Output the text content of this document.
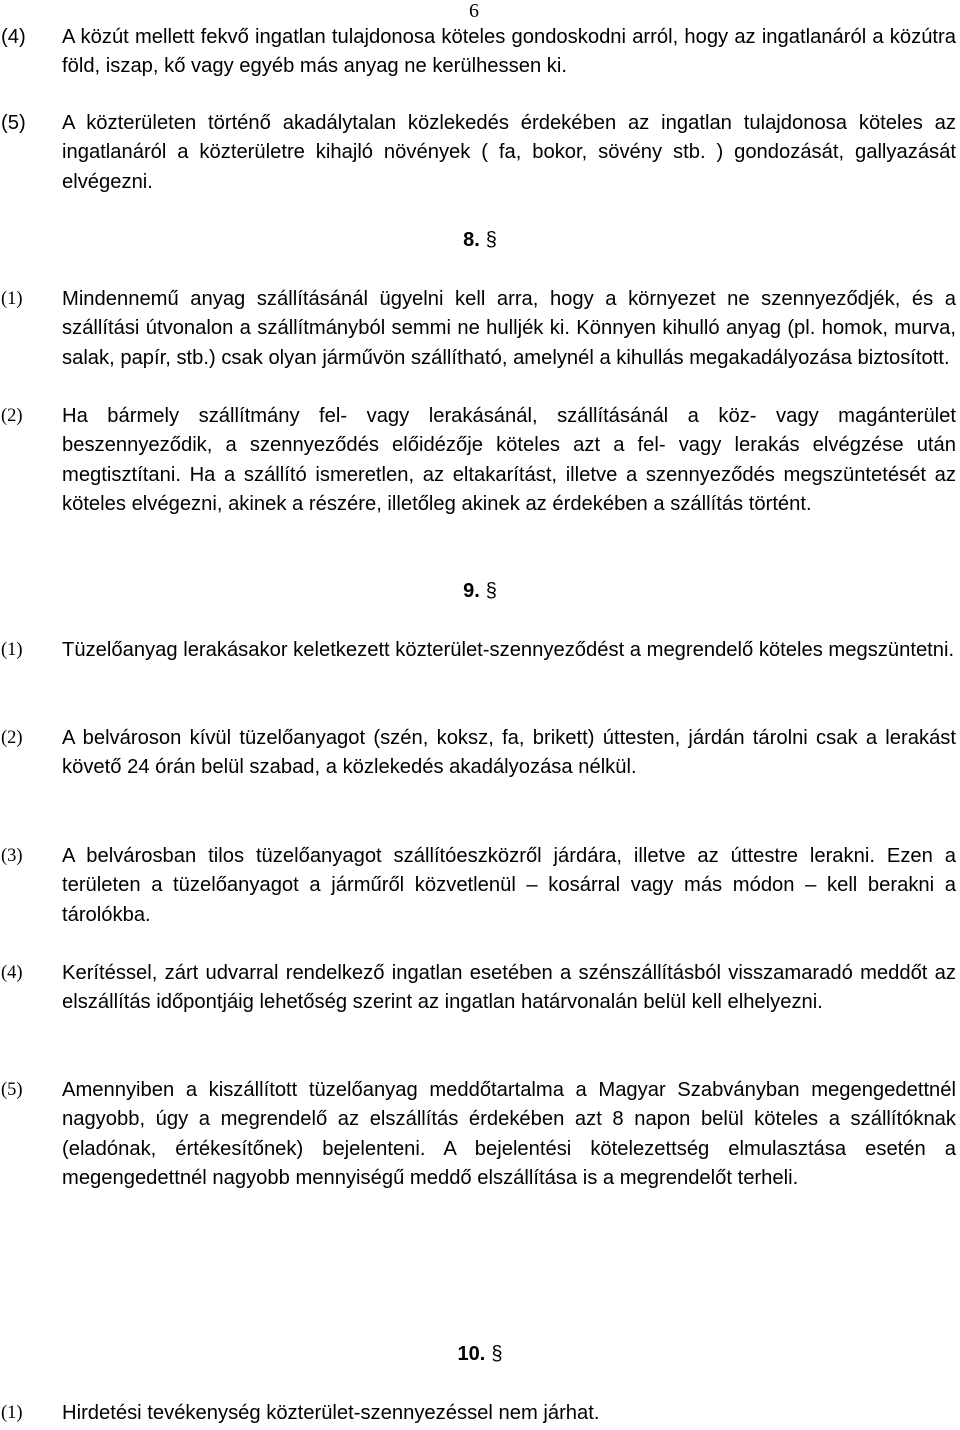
6
(4)	A közút mellett fekvő ingatlan tulajdonosa köteles gondoskodni arról, hogy az ingatlanáról a közútra föld, iszap, kő vagy egyéb más anyag ne kerülhessen ki.
(5)	A közterületen történő akadálytalan közlekedés érdekében az ingatlan tulajdonosa köteles az ingatlanáról a közterületre kihajló növények ( fa, bokor, sövény stb. ) gondozását, gallyazását elvégezni.
8. §
(1)	Mindennemű anyag szállításánál ügyelni kell arra, hogy a környezet ne szennyeződjék, és a szállítási útvonalon a szállítmányból semmi ne hulljék ki. Könnyen kihulló anyag (pl. homok, murva, salak, papír, stb.) csak olyan járművön szállítható, amelynél a kihullás megakadályozása biztosított.
(2)	Ha bármely szállítmány fel- vagy lerakásánál, szállításánál a köz- vagy magánterület beszennyeződik, a szennyeződés előidézője köteles azt a fel- vagy lerakás elvégzése után megtisztítani. Ha a szállító ismeretlen, az eltakarítást, illetve a szennyeződés megszüntetését az köteles elvégezni, akinek a részére, illetőleg akinek az érdekében a szállítás történt.
9. §
(1)	Tüzelőanyag lerakásakor keletkezett közterület-szennyeződést a megrendelő köteles megszüntetni.
(2)	A belvároson kívül tüzelőanyagot (szén, koksz, fa, brikett) úttesten, járdán tárolni csak a lerakást követő 24 órán belül szabad, a közlekedés akadályozása nélkül.
(3)	A belvárosban tilos tüzelőanyagot szállítóeszközről járdára, illetve az úttestre lerakni. Ezen a területen a tüzelőanyagot a járműről közvetlenül – kosárral vagy más módon – kell berakni a tárolókba.
(4)	Kerítéssel, zárt udvarral rendelkező ingatlan esetében a szénszállításból visszamaradó meddőt az elszállítás időpontjáig lehetőség szerint az ingatlan határvonalán belül kell elhelyezni.
(5)	Amennyiben a kiszállított tüzelőanyag meddőtartalma a Magyar Szabványban megengedettnél nagyobb, úgy a megrendelő az elszállítás érdekében azt 8 napon belül köteles a szállítóknak (eladónak, értékesítőnek) bejelenteni. A bejelentési kötelezettség elmulasztása esetén a megengedettnél nagyobb mennyiségű meddő elszállítása is a megrendelőt terheli.
10. §
(1)	Hirdetési tevékenység közterület-szennyezéssel nem járhat.
